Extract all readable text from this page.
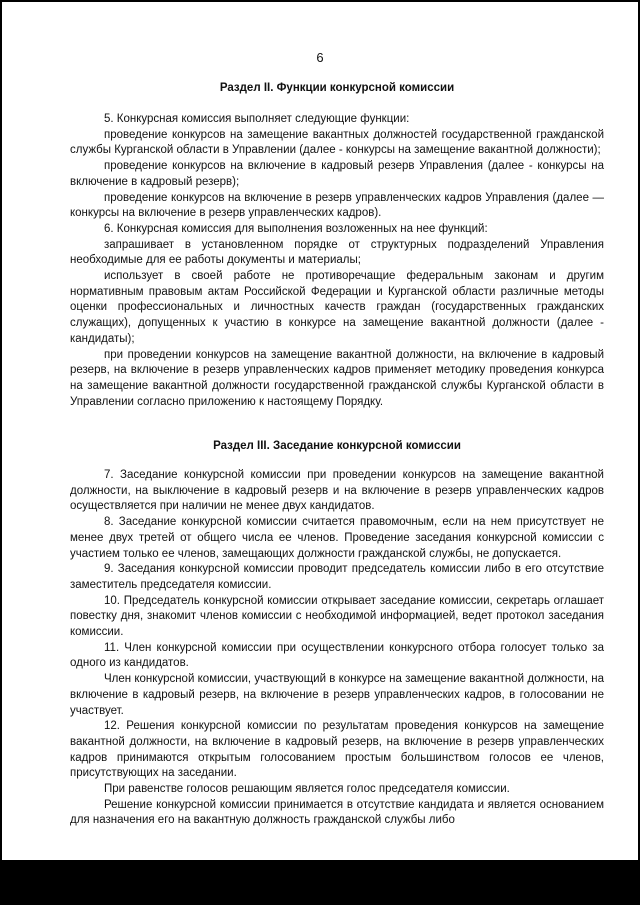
6
Раздел II. Функции конкурсной комиссии

5. Конкурсная комиссия выполняет следующие функции:

проведение конкурсов на замещение вакантных должностей государственной гражданской службы Курганской области в Управлении (далее - конкурсы на замещение вакантной должности);

проведение конкурсов на включение в кадровый резерв Управления (далее - конкурсы на включение в кадровый резерв);

проведение конкурсов на включение в резерв управленческих кадров Управления (далее — конкурсы на включение в резерв управленческих кадров).

6. Конкурсная комиссия для выполнения возложенных на нее функций:

запрашивает в установленном порядке от структурных подразделений Управления необходимые для ее работы документы и материалы;

использует в своей работе не противоречащие федеральным законам и другим нормативным правовым актам Российской Федерации и Курганской области различные методы оценки профессиональных и личностных качеств граждан (государственных гражданских служащих), допущенных к участию в конкурсе на замещение вакантной должности (далее - кандидаты);

при проведении конкурсов на замещение вакантной должности, на включение в кадровый резерв, на включение в резерв управленческих кадров применяет методику проведения конкурса на замещение вакантной должности государственной гражданской службы Курганской области в Управлении согласно приложению к настоящему Порядку.

Раздел III. Заседание конкурсной комиссии

7. Заседание конкурсной комиссии при проведении конкурсов на замещение вакантной должности, на выключение в кадровый резерв и на включение в резерв управленческих кадров осуществляется при наличии не менее двух кандидатов.

8. Заседание конкурсной комиссии считается правомочным, если на нем присутствует не менее двух третей от общего числа ее членов. Проведение заседания конкурсной комиссии с участием только ее членов, замещающих должности гражданской службы, не допускается.

9. Заседания конкурсной комиссии проводит председатель комиссии либо в его отсутствие заместитель председателя комиссии.

10. Председатель конкурсной комиссии открывает заседание комиссии, секретарь оглашает повестку дня, знакомит членов комиссии с необходимой информацией, ведет протокол заседания комиссии.

11. Член конкурсной комиссии при осуществлении конкурсного отбора голосует только за одного из кандидатов.

Член конкурсной комиссии, участвующий в конкурсе на замещение вакантной должности, на включение в кадровый резерв, на включение в резерв управленческих кадров, в голосовании не участвует.

12. Решения конкурсной комиссии по результатам проведения конкурсов на замещение вакантной должности, на включение в кадровый резерв, на включение в резерв управленческих кадров принимаются открытым голосованием простым большинством голосов ее членов, присутствующих на заседании.

При равенстве голосов решающим является голос председателя комиссии.

Решение конкурсной комиссии принимается в отсутствие кандидата и является основанием для назначения его на вакантную должность гражданской службы либо
